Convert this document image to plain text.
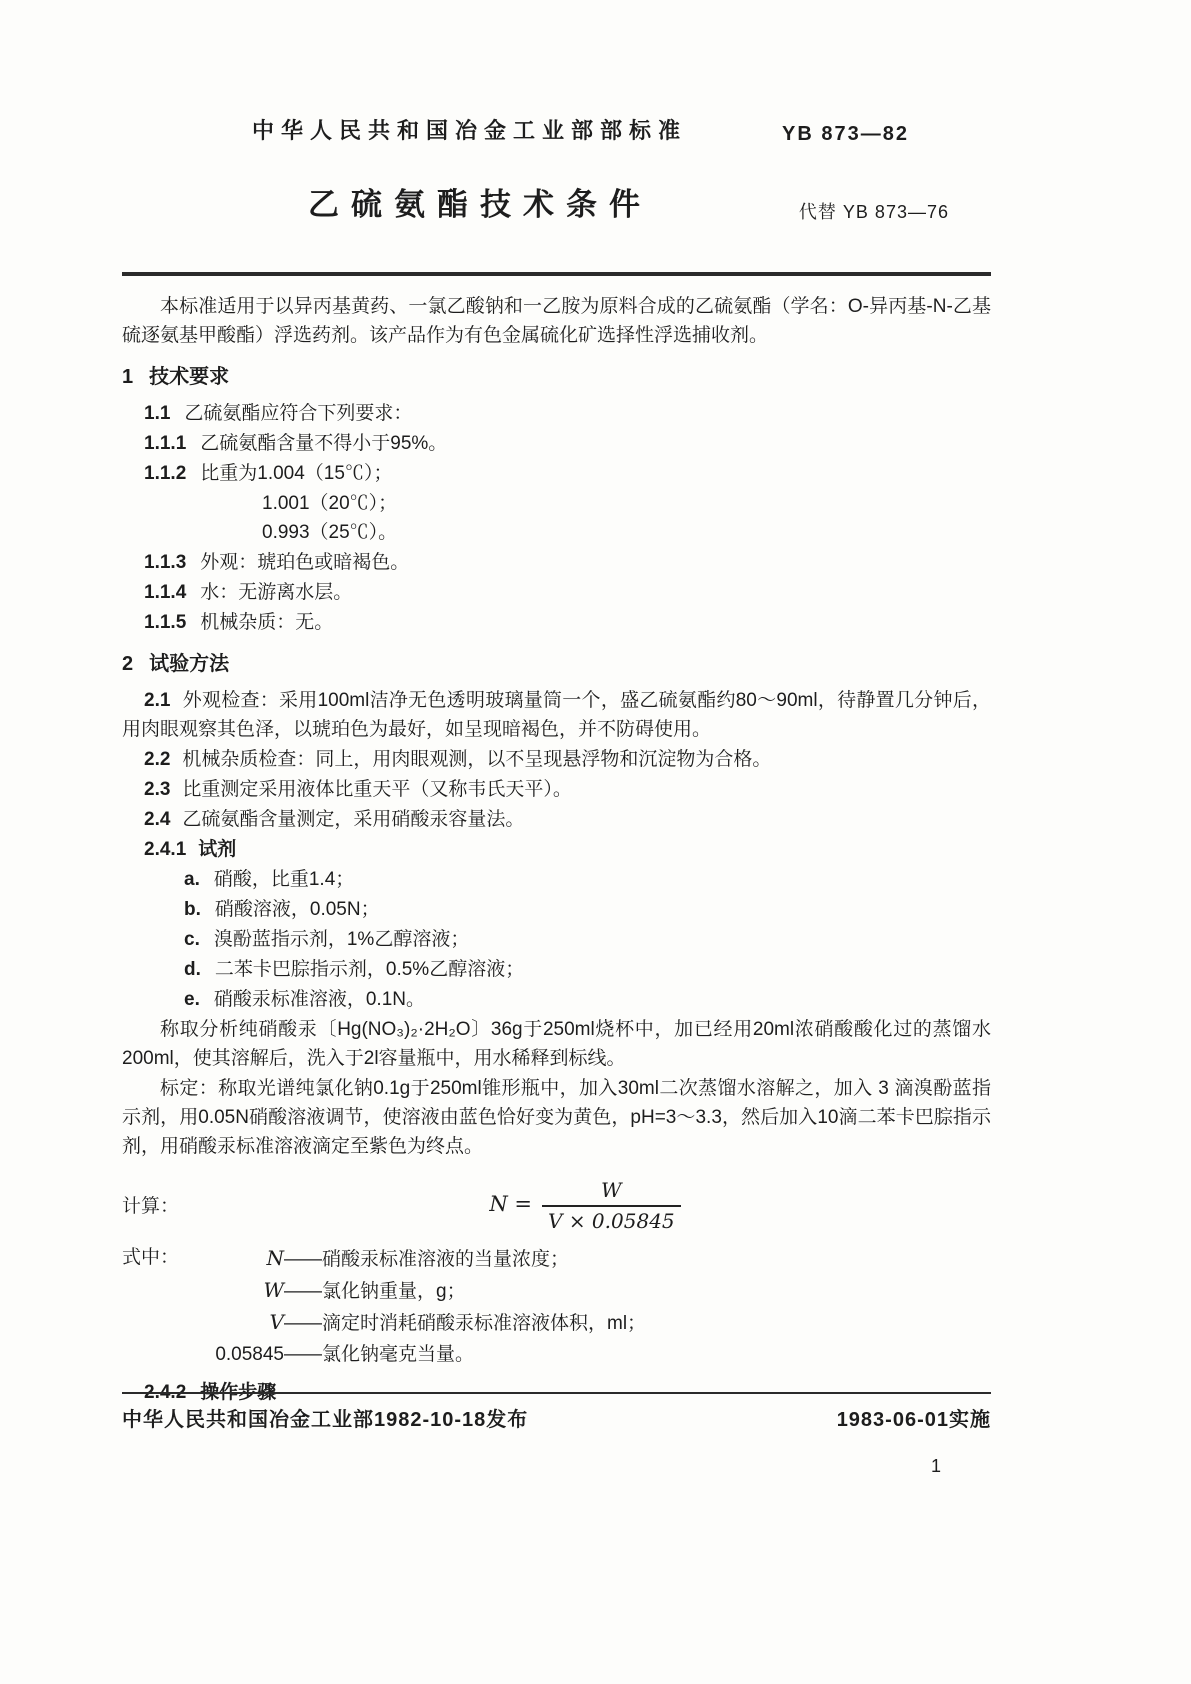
中华人民共和国冶金工业部部标准	YB 873—82
乙硫氨酯技术条件	代替 YB 873—76

本标准适用于以异丙基黄药、一氯乙酸钠和一乙胺为原料合成的乙硫氨酯（学名：O-异丙基-N-乙基硫逐氨基甲酸酯）浮选药剂。该产品作为有色金属硫化矿选择性浮选捕收剂。

1 技术要求
1.1 乙硫氨酯应符合下列要求：
1.1.1 乙硫氨酯含量不得小于95%。
1.1.2 比重为1.004（15℃）；
1.001（20℃）；
0.993（25℃）。
1.1.3 外观：琥珀色或暗褐色。
1.1.4 水：无游离水层。
1.1.5 机械杂质：无。
2 试验方法

2.1 外观检查：采用100ml洁净无色透明玻璃量筒一个，盛乙硫氨酯约80～90ml，待静置几分钟后，用肉眼观察其色泽，以琥珀色为最好，如呈现暗褐色，并不防碍使用。

2.2 机械杂质检查：同上，用肉眼观测，以不呈现悬浮物和沉淀物为合格。

2.3 比重测定采用液体比重天平（又称韦氏天平）。

2.4 乙硫氨酯含量测定，采用硝酸汞容量法。

2.4.1 试剂

a. 硝酸，比重1.4；
b. 硝酸溶液，0.05N；
c. 溴酚蓝指示剂，1%乙醇溶液；
d. 二苯卡巴腙指示剂，0.5%乙醇溶液；
e. 硝酸汞标准溶液，0.1N。

称取分析纯硝酸汞〔Hg(NO₃)₂·2H₂O〕36g于250ml烧杯中，加已经用20ml浓硝酸酸化过的蒸馏水200ml，使其溶解后，洗入于2l容量瓶中，用水稀释到标线。

标定：称取光谱纯氯化钠0.1g于250ml锥形瓶中，加入30ml二次蒸馏水溶解之，加入 3 滴溴酚蓝指示剂，用0.05N硝酸溶液调节，使溶液由蓝色恰好变为黄色，pH=3～3.3，然后加入10滴二苯卡巴腙指示剂，用硝酸汞标准溶液滴定至紫色为终点。

计算：	$N = \frac{W}{V \times 0.05845}$
式中：	N——硝酸汞标准溶液的当量浓度；
W——氯化钠重量，g；
V——滴定时消耗硝酸汞标准溶液体积，ml；
0.05845——氯化钠毫克当量。
2.4.2 操作步骤
中华人民共和国冶金工业部1982-10-18发布	1983-06-01实施
1
